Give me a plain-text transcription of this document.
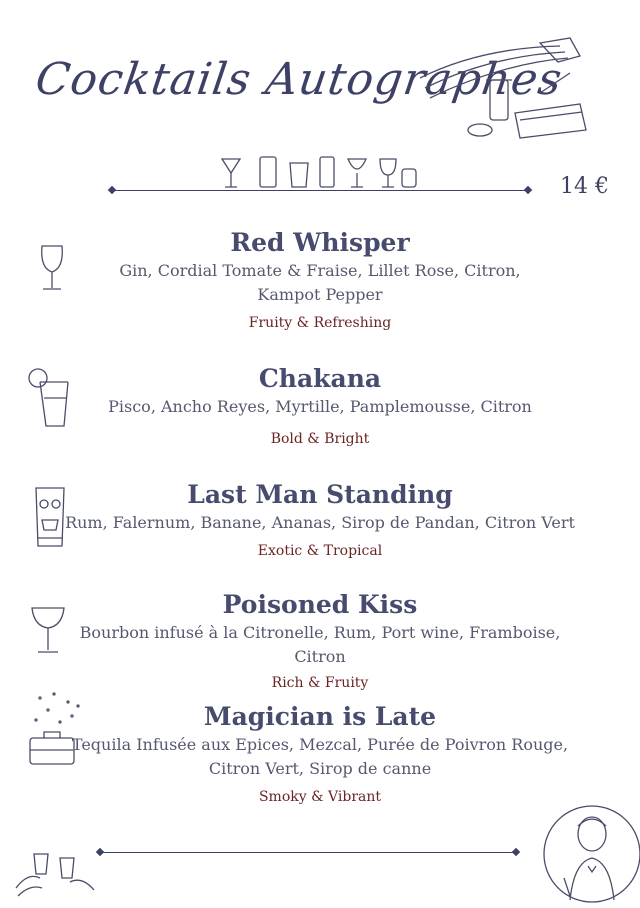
Cocktails Autographes
14 €
Red Whisper

Gin, Cordial Tomate & Fraise, Lillet Rose, Citron,
Kampot Pepper

Fruity & Refreshing
Chakana

Pisco, Ancho Reyes, Myrtille, Pamplemousse, Citron

Bold & Bright
Last Man Standing

Rum, Falernum, Banane, Ananas, Sirop de Pandan, Citron Vert

Exotic & Tropical
Poisoned Kiss

Bourbon infusé à la Citronelle, Rum, Port wine, Framboise, Citron

Rich & Fruity
Magician is Late

Tequila Infusée aux Epices, Mezcal, Purée de Poivron Rouge,
Citron Vert, Sirop de canne

Smoky & Vibrant
